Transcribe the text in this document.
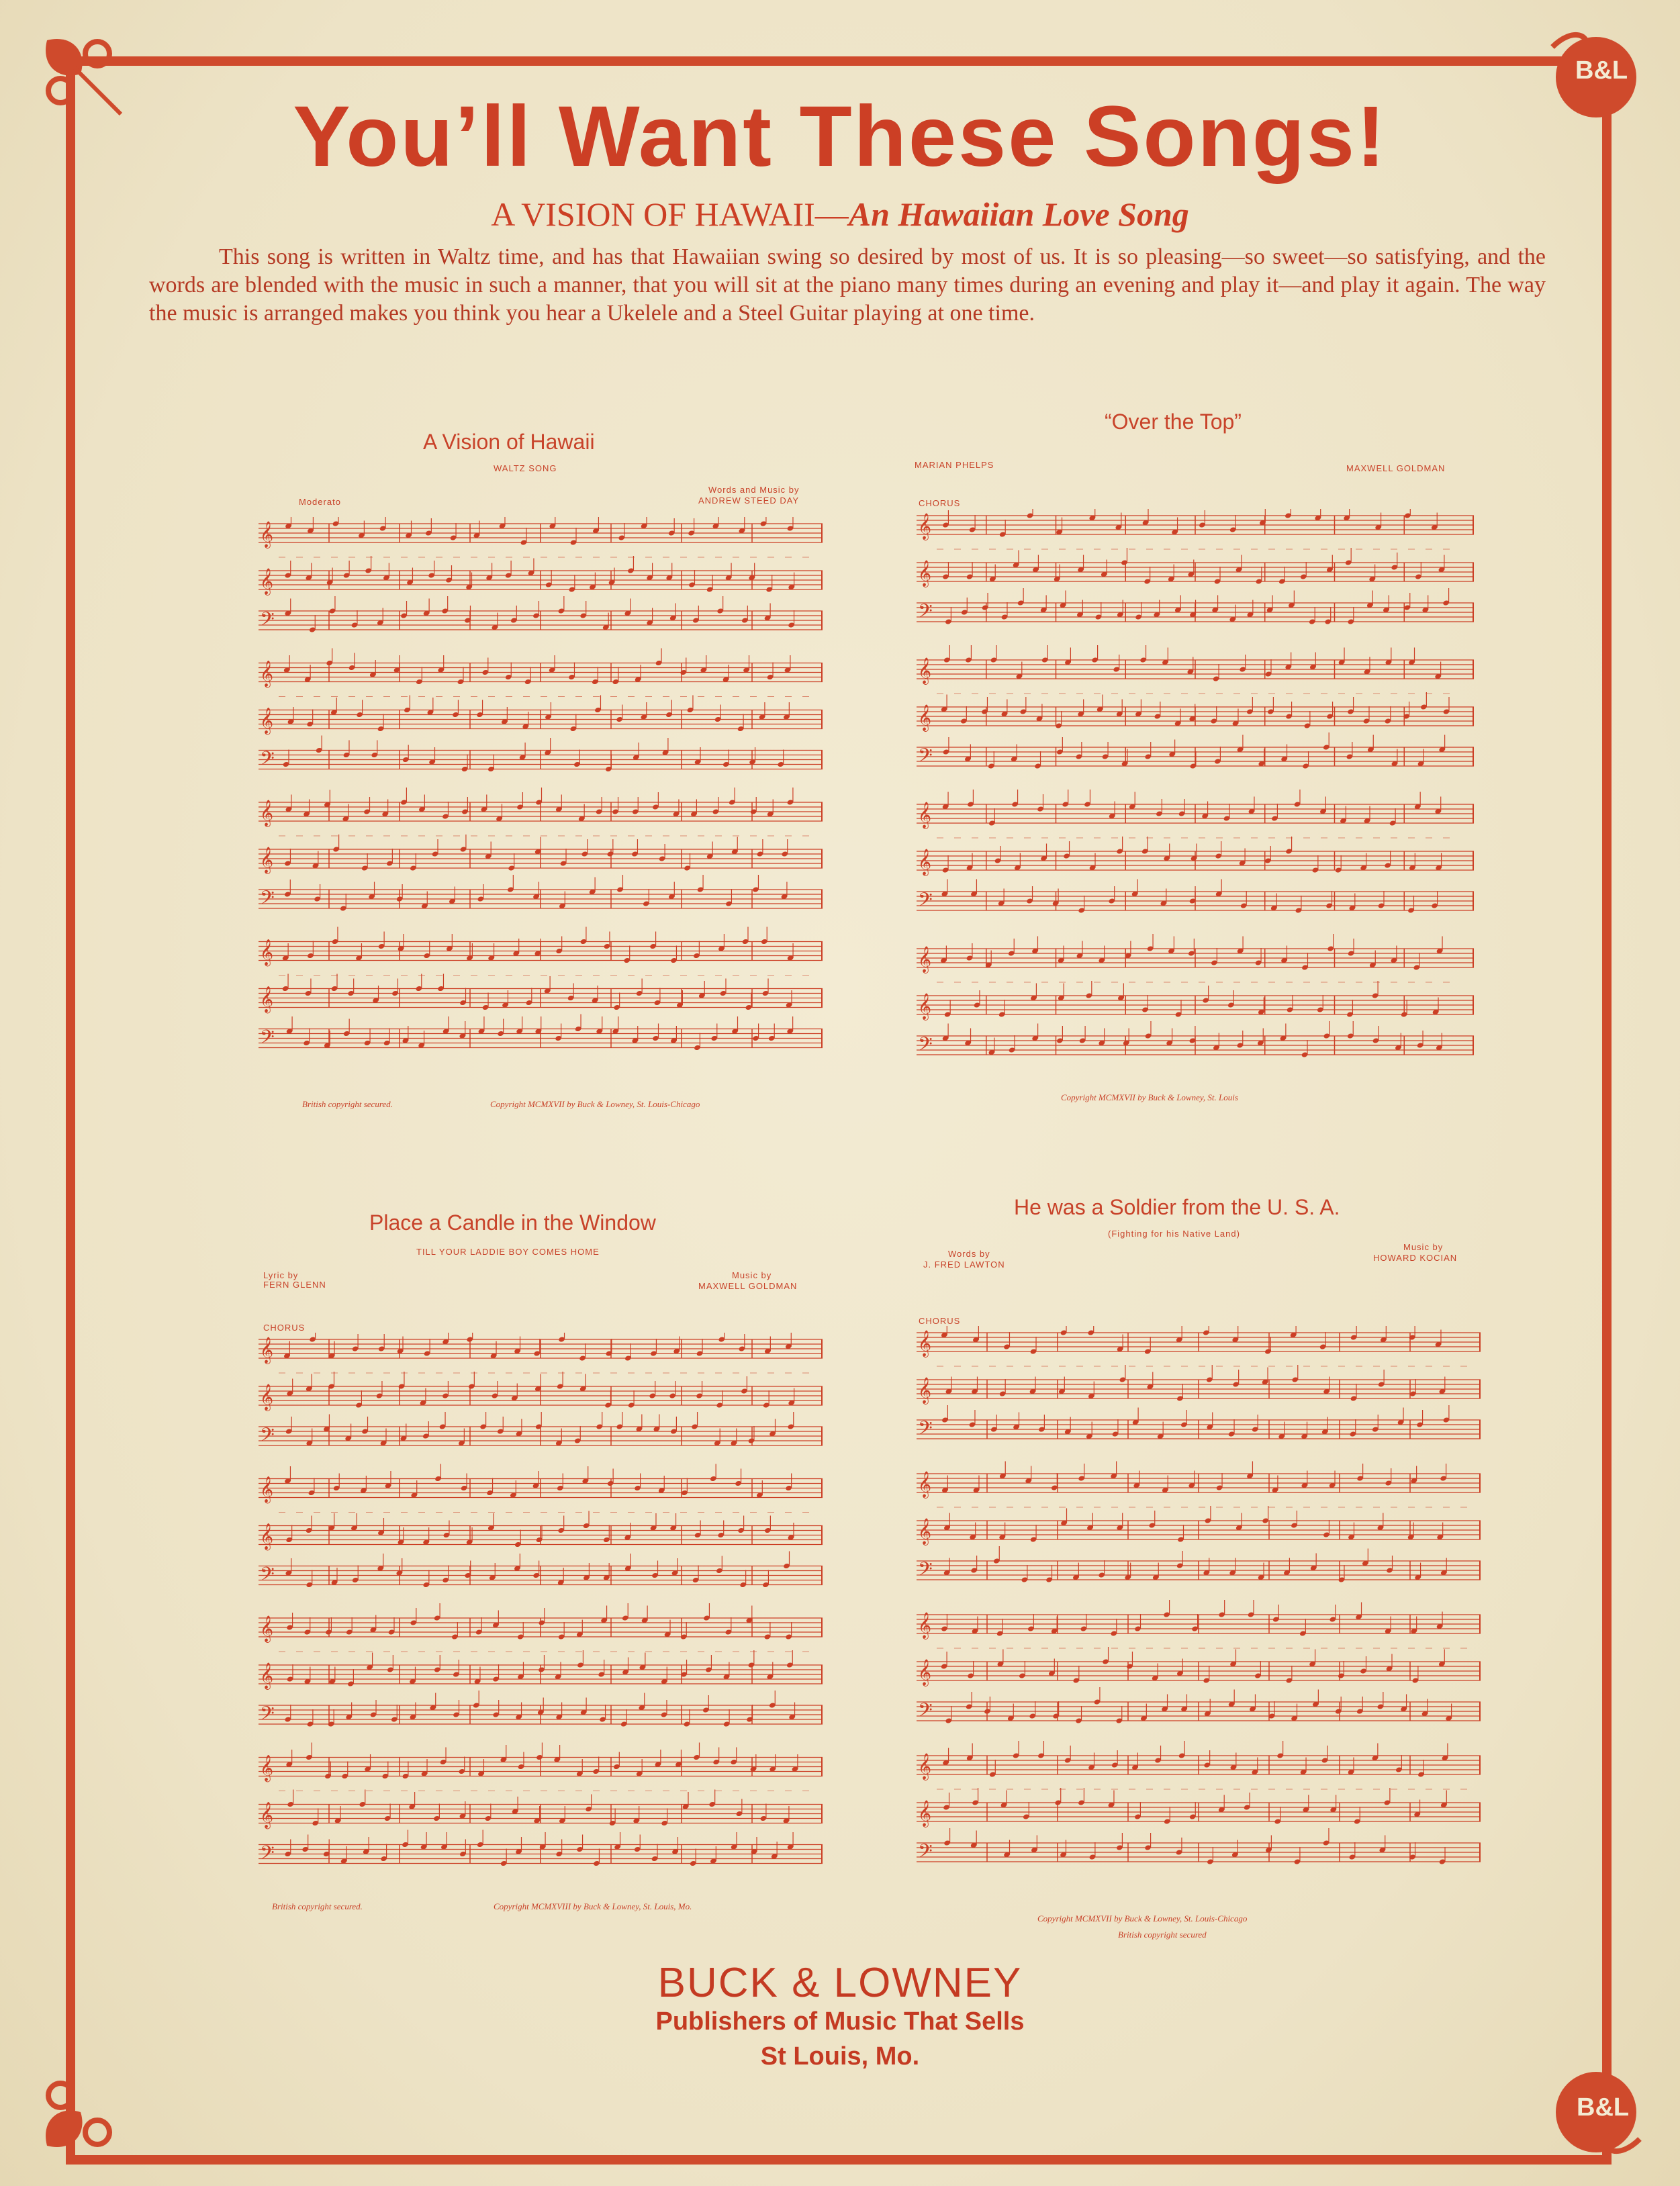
B&L
B&L
You’ll Want These Songs!
A VISION OF HAWAII—An Hawaiian Love Song
This song is written in Waltz time, and has that Hawaiian swing so desired by most of us. It is so pleasing—so sweet—so satisfying, and the words are blended with the music in such a manner, that you will sit at the piano many times during an evening and play it—and play it again. The way the music is arranged makes you think you hear a Ukelele and a Steel Guitar playing at one time.
A Vision of Hawaii
WALTZ SONG
Words and Music by
ANDREW STEED DAY
Moderato
𝄞
𝄞
𝄢
𝄞
𝄞
𝄢
𝄞
𝄞
𝄢
𝄞
𝄞
𝄢
British copyright secured.	Copyright MCMXVII by Buck & Lowney, St. Louis-Chicago
“Over the Top”
MARIAN PHELPS	MAXWELL GOLDMAN
CHORUS
𝄞
𝄞
𝄢
𝄞
𝄞
𝄢
𝄞
𝄞
𝄢
𝄞
𝄞
𝄢
Copyright MCMXVII by Buck & Lowney, St. Louis
Place a Candle in the Window
TILL YOUR LADDIE BOY COMES HOME
Lyric by
FERN GLENN
Music by
MAXWELL GOLDMAN
CHORUS
𝄞
𝄞
𝄢
𝄞
𝄞
𝄢
𝄞
𝄞
𝄢
𝄞
𝄞
𝄢
British copyright secured.	Copyright MCMXVIII by Buck & Lowney, St. Louis, Mo.
He was a Soldier from the U. S. A.
(Fighting for his Native Land)
Words by
J. FRED LAWTON
Music by
HOWARD KOCIAN
CHORUS
𝄞
𝄞
𝄢
𝄞
𝄞
𝄢
𝄞
𝄞
𝄢
𝄞
𝄞
𝄢
Copyright MCMXVII by Buck & Lowney, St. Louis-Chicago
British copyright secured
BUCK & LOWNEY
Publishers of Music That Sells
St Louis, Mo.
